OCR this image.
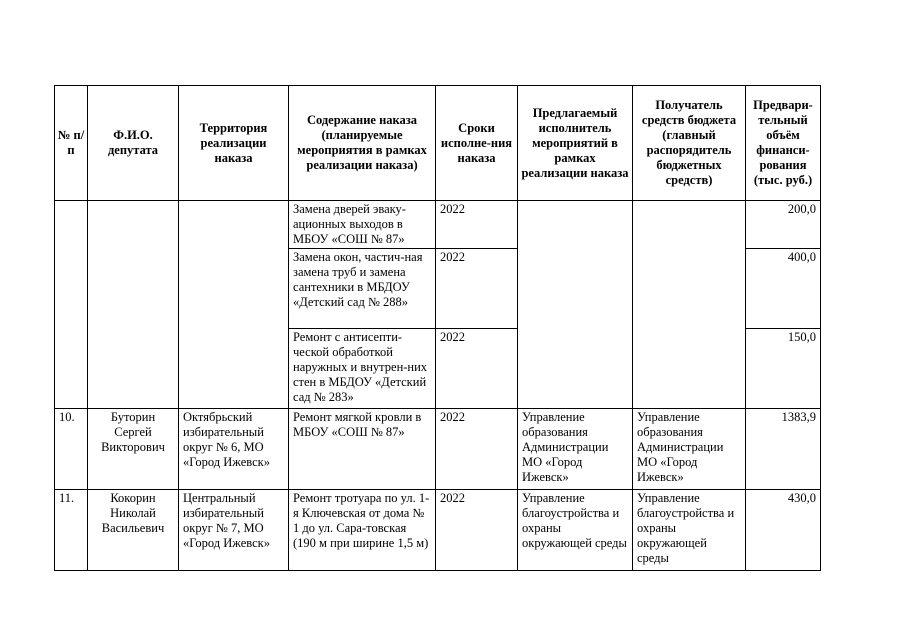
№ п/п	Ф.И.О. депутата	Территория реализации наказа	Содержание наказа (планируемые мероприятия в рамках реализации наказа)	Сроки исполне-ния наказа	Предлагаемый исполнитель мероприятий в рамках реализации наказа	Получатель средств бюджета (главный распорядитель бюджетных средств)	Предвари-тельный объём финанси-рования (тыс. руб.)
			Замена дверей эваку-ационных выходов в МБОУ «СОШ № 87»	2022			200,0
			Замена окон, частич-ная замена труб и замена сантехники в МБДОУ «Детский сад № 288»	2022			400,0
			Ремонт с антисепти-ческой обработкой наружных и внутрен-них стен в МБДОУ «Детский сад № 283»	2022			150,0
10.	Буторин Сергей Викторович	Октябрьский избирательный округ № 6, МО «Город Ижевск»	Ремонт мягкой кровли в МБОУ «СОШ № 87»	2022	Управление образования Администрации МО «Город Ижевск»	Управление образования Администрации МО «Город Ижевск»	1383,9
11.	Кокорин Николай Васильевич	Центральный избирательный округ № 7, МО «Город Ижевск»	Ремонт тротуара по ул. 1-я Ключевская от дома № 1 до ул. Сара-товская (190 м при ширине 1,5 м)	2022	Управление благоустройства и охраны окружающей среды	Управление благоустройства и охраны окружающей среды	430,0
